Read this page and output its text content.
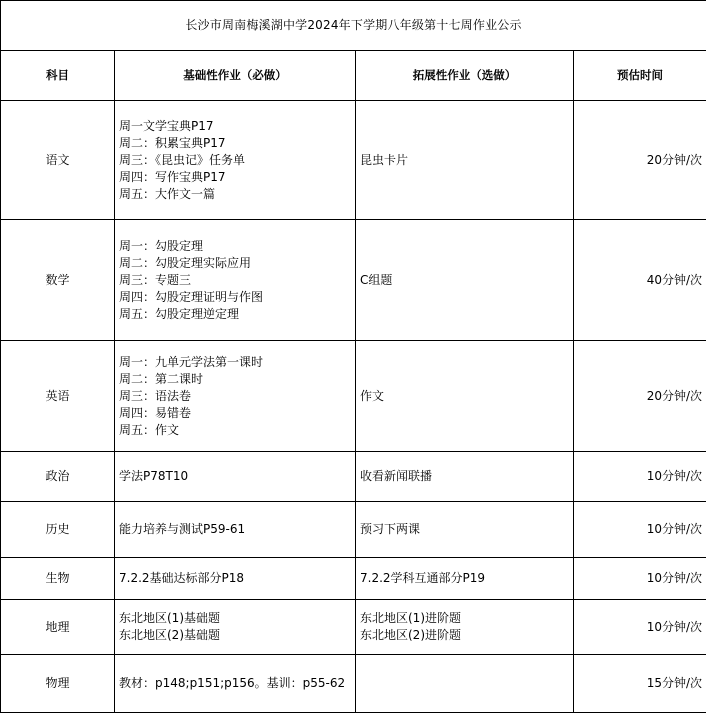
长沙市周南梅溪湖中学2024年下学期八年级第十七周作业公示			
科目	基础性作业（必做）	拓展性作业（选做）	预估时间
语文	周一文学宝典P17
周二：积累宝典P17
周三：《昆虫记》任务单
周四：写作宝典P17
周五：大作文一篇	昆虫卡片	20分钟/次
数学	周一：勾股定理
周二：勾股定理实际应用
周三：专题三
周四：勾股定理证明与作图
周五：勾股定理逆定理	C组题	40分钟/次
英语	周一：九单元学法第一课时
周二：第二课时
周三：语法卷
周四：易错卷
周五：作文	作文	20分钟/次
政治	学法P78T10	收看新闻联播	10分钟/次
历史	能力培养与测试P59-61	预习下两课	10分钟/次
生物	7.2.2基础达标部分P18	7.2.2学科互通部分P19	10分钟/次
地理	东北地区(1)基础题
东北地区(2)基础题	东北地区(1)进阶题
东北地区(2)进阶题	10分钟/次
物理	教材：p148;p151;p156。基训：p55-62		15分钟/次
